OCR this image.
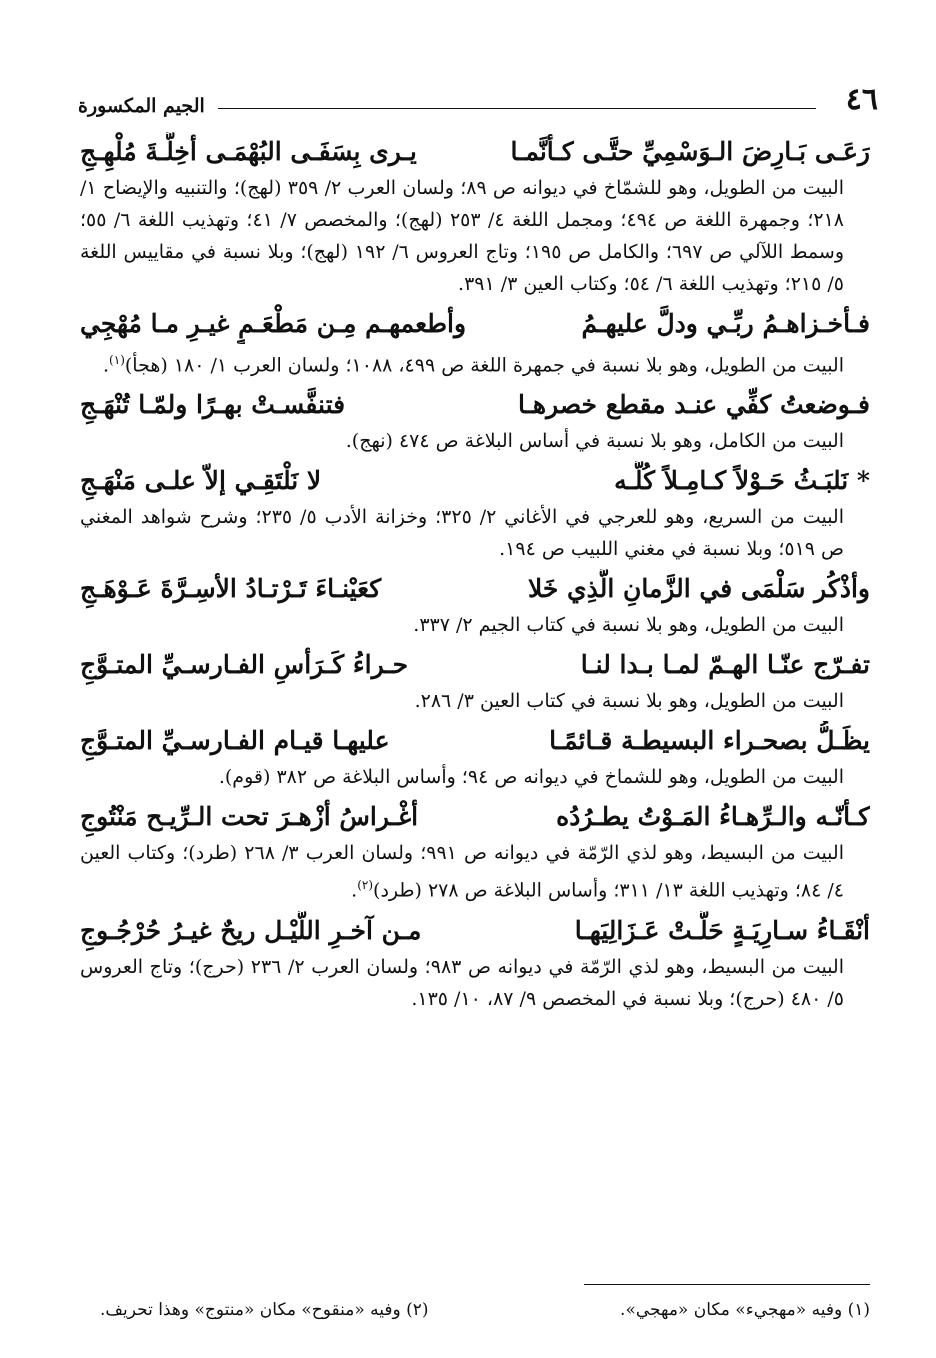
٤٦
الجيم المكسورة
رَعَـى بَـارِضَ الـوَسْمِيِّ حتَّـى كـأنَّمـا
يـرى بِسَفَـى البُهْمَـى أخِلَّـةَ مُلْهِـجِ

البيت من الطويل، وهو للشمّاخ في ديوانه ص ٨٩؛ ولسان العرب ٢/ ٣٥٩ (لهج)؛ والتنبيه والإيضاح ١/ ٢١٨؛ وجمهرة اللغة ص ٤٩٤؛ ومجمل اللغة ٤/ ٢٥٣ (لهج)؛ والمخصص ٧/ ٤١؛ وتهذيب اللغة ٦/ ٥٥؛ وسمط اللآلي ص ٦٩٧؛ والكامل ص ١٩٥؛ وتاج العروس ٦/ ١٩٢ (لهج)؛ وبلا نسبة في مقاييس اللغة ٥/ ٢١٥؛ وتهذيب اللغة ٦/ ٥٤؛ وكتاب العين ٣/ ٣٩١.

فـأخـزاهـمُ ربِّـي ودلَّ عليهـمُ
وأطعمهـم مِـن مَطْعَـمٍ غيـرِ مـا مُهْجِي

البيت من الطويل، وهو بلا نسبة في جمهرة اللغة ص ٤٩٩، ١٠٨٨؛ ولسان العرب ١/ ١٨٠ (هجأ)$^{(١)}$.

فـوضعتُ كفِّي عنـد مقطع خصرهـا
فتنفَّسـتْ بهـرًا ولمّـا تُنْهَـجِ

البيت من الكامل، وهو بلا نسبة في أساس البلاغة ص ٤٧٤ (نهج).

* نَلبَـثُ حَـوْلاً كـامِـلاً كُلَّـه
لا نَلْتَقِـي إلاّ علـى مَنْهَـجِ

البيت من السريع، وهو للعرجي في الأغاني ٢/ ٣٢٥؛ وخزانة الأدب ٥/ ٢٣٥؛ وشرح شواهد المغني ص ٥١٩؛ وبلا نسبة في مغني اللبيب ص ١٩٤.

وأذْكُر سَلْمَى في الزَّمانِ الَّذِي خَلا
كعَيْنـاءَ تَـرْتـادُ الأسِـرَّةَ عَـوْهَـجِ

البيت من الطويل، وهو بلا نسبة في كتاب الجيم ٢/ ٣٣٧.

تفـرّج عنّـا الهـمّ لمـا بـدا لنـا
حـراءُ كَـرَأسِ الفـارسـيِّ المتـوَّجِ

البيت من الطويل، وهو بلا نسبة في كتاب العين ٣/ ٢٨٦.

يظَـلُّ بصحـراء البسيطـة قـائمًـا
عليهـا قيـام الفـارسـيِّ المتـوَّجِ

البيت من الطويل، وهو للشماخ في ديوانه ص ٩٤؛ وأساس البلاغة ص ٣٨٢ (قوم).

كـأنّـه والـرِّهـاءُ المَـوْتُ يطـرُدُه
أغْـراسُ أزْهـرَ تحت الـرِّيـح مَنْتُوجِ

البيت من البسيط، وهو لذي الرّمّة في ديوانه ص ٩٩١؛ ولسان العرب ٣/ ٢٦٨ (طرد)؛ وكتاب العين ٤/ ٨٤؛ وتهذيب اللغة ١٣/ ٣١١؛ وأساس البلاغة ص ٢٧٨ (طرد)$^{(٢)}$.

أنْقَـاءُ سـارِيَـةٍ حَلَّـتْ عَـزَالِيَهـا
مـن آخـرِ اللَّيْـل ريحٌ غيـرُ حُرْجُـوجِ

البيت من البسيط، وهو لذي الرّمّة في ديوانه ص ٩٨٣؛ ولسان العرب ٢/ ٢٣٦ (حرج)؛ وتاج العروس ٥/ ٤٨٠ (حرج)؛ وبلا نسبة في المخصص ٩/ ٨٧، ١٠/ ١٣٥.

(١) وفيه «مهجيء» مكان «مهجي».
(٢) وفيه «منقوح» مكان «منتوج» وهذا تحريف.
